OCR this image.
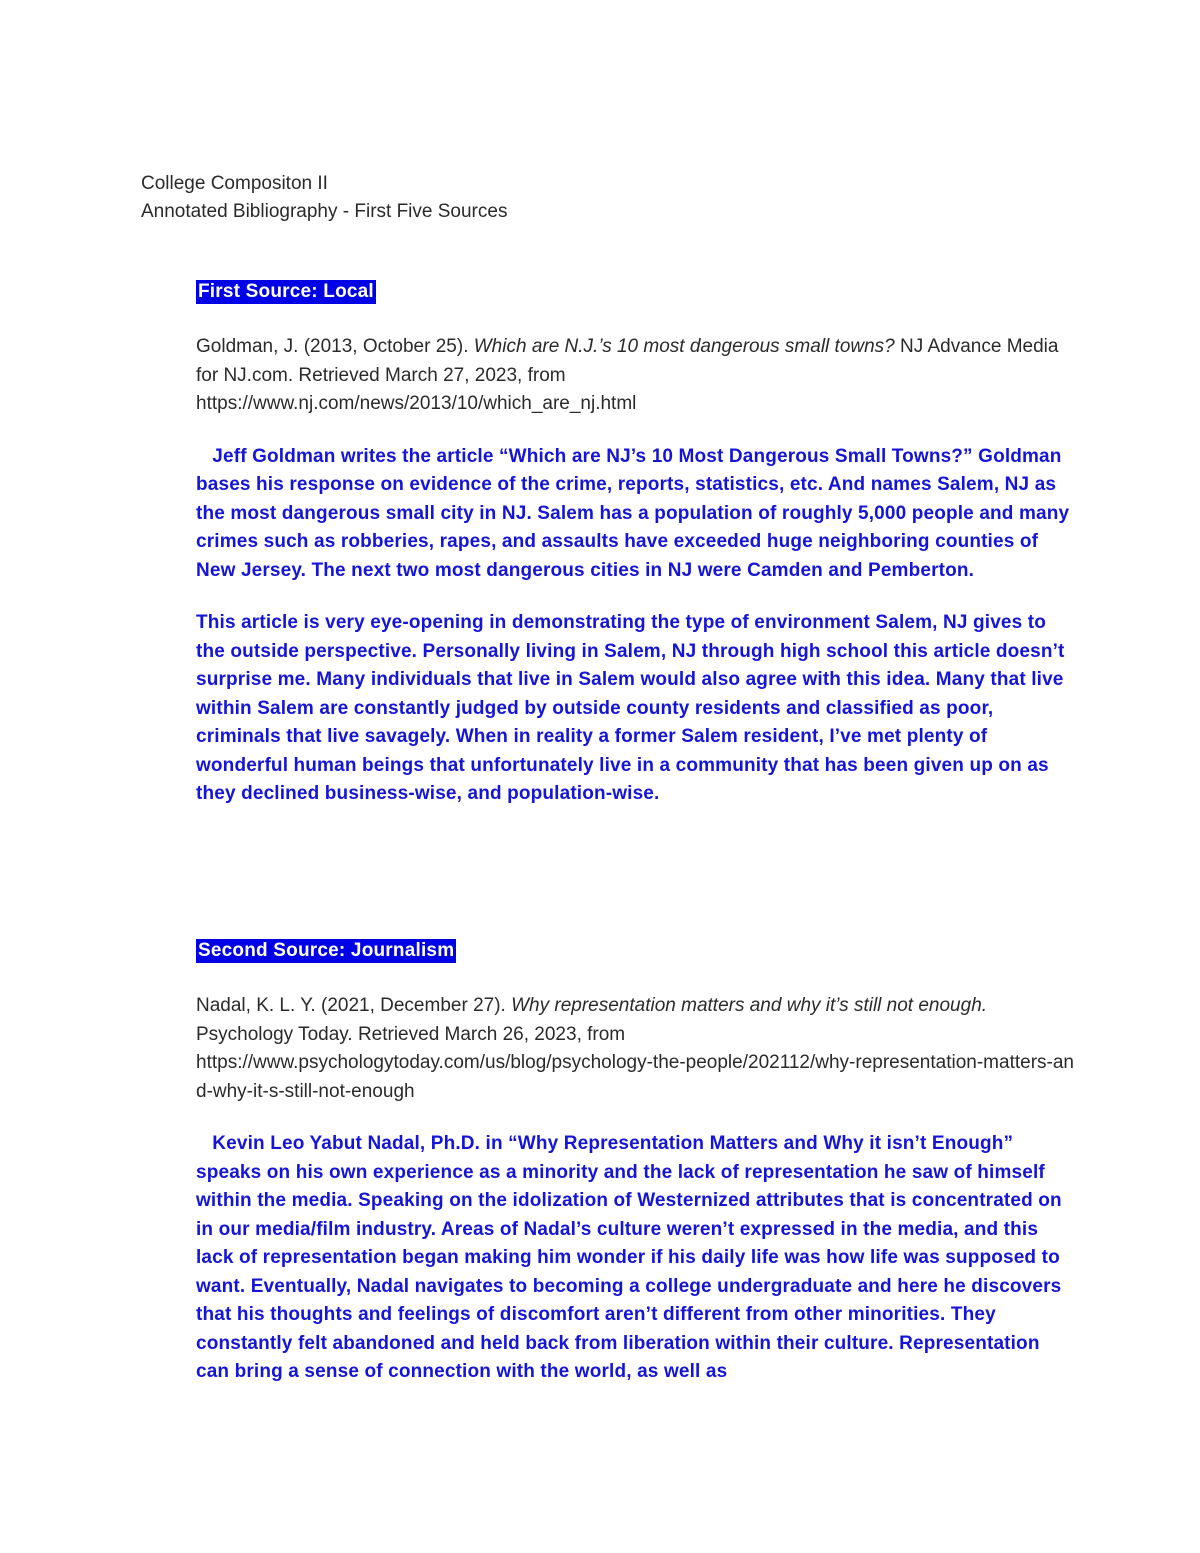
College Compositon II
Annotated Bibliography - First Five Sources
First Source: Local

Goldman, J. (2013, October 25). Which are N.J.’s 10 most dangerous small towns? NJ Advance Media for NJ.com. Retrieved March 27, 2023, from
https://www.nj.com/news/2013/10/which_are_nj.html

Jeff Goldman writes the article “Which are NJ’s 10 Most Dangerous Small Towns?” Goldman bases his response on evidence of the crime, reports, statistics, etc. And names Salem, NJ as the most dangerous small city in NJ. Salem has a population of roughly 5,000 people and many crimes such as robberies, rapes, and assaults have exceeded huge neighboring counties of New Jersey. The next two most dangerous cities in NJ were Camden and Pemberton.

This article is very eye-opening in demonstrating the type of environment Salem, NJ gives to the outside perspective. Personally living in Salem, NJ through high school this article doesn’t surprise me. Many individuals that live in Salem would also agree with this idea. Many that live within Salem are constantly judged by outside county residents and classified as poor, criminals that live savagely. When in reality a former Salem resident, I’ve met plenty of wonderful human beings that unfortunately live in a community that has been given up on as they declined business-wise, and population-wise.

Second Source: Journalism

Nadal, K. L. Y. (2021, December 27). Why representation matters and why it’s still not enough. Psychology Today. Retrieved March 26, 2023, from
https://www.psychologytoday.com/us/blog/psychology-the-people/202112/why-representation-matters-and-why-it-s-still-not-enough

Kevin Leo Yabut Nadal, Ph.D. in “Why Representation Matters and Why it isn’t Enough” speaks on his own experience as a minority and the lack of representation he saw of himself within the media. Speaking on the idolization of Westernized attributes that is concentrated on in our media/film industry. Areas of Nadal’s culture weren’t expressed in the media, and this lack of representation began making him wonder if his daily life was how life was supposed to want. Eventually, Nadal navigates to becoming a college undergraduate and here he discovers that his thoughts and feelings of discomfort aren’t different from other minorities. They constantly felt abandoned and held back from liberation within their culture. Representation can bring a sense of connection with the world, as well as
